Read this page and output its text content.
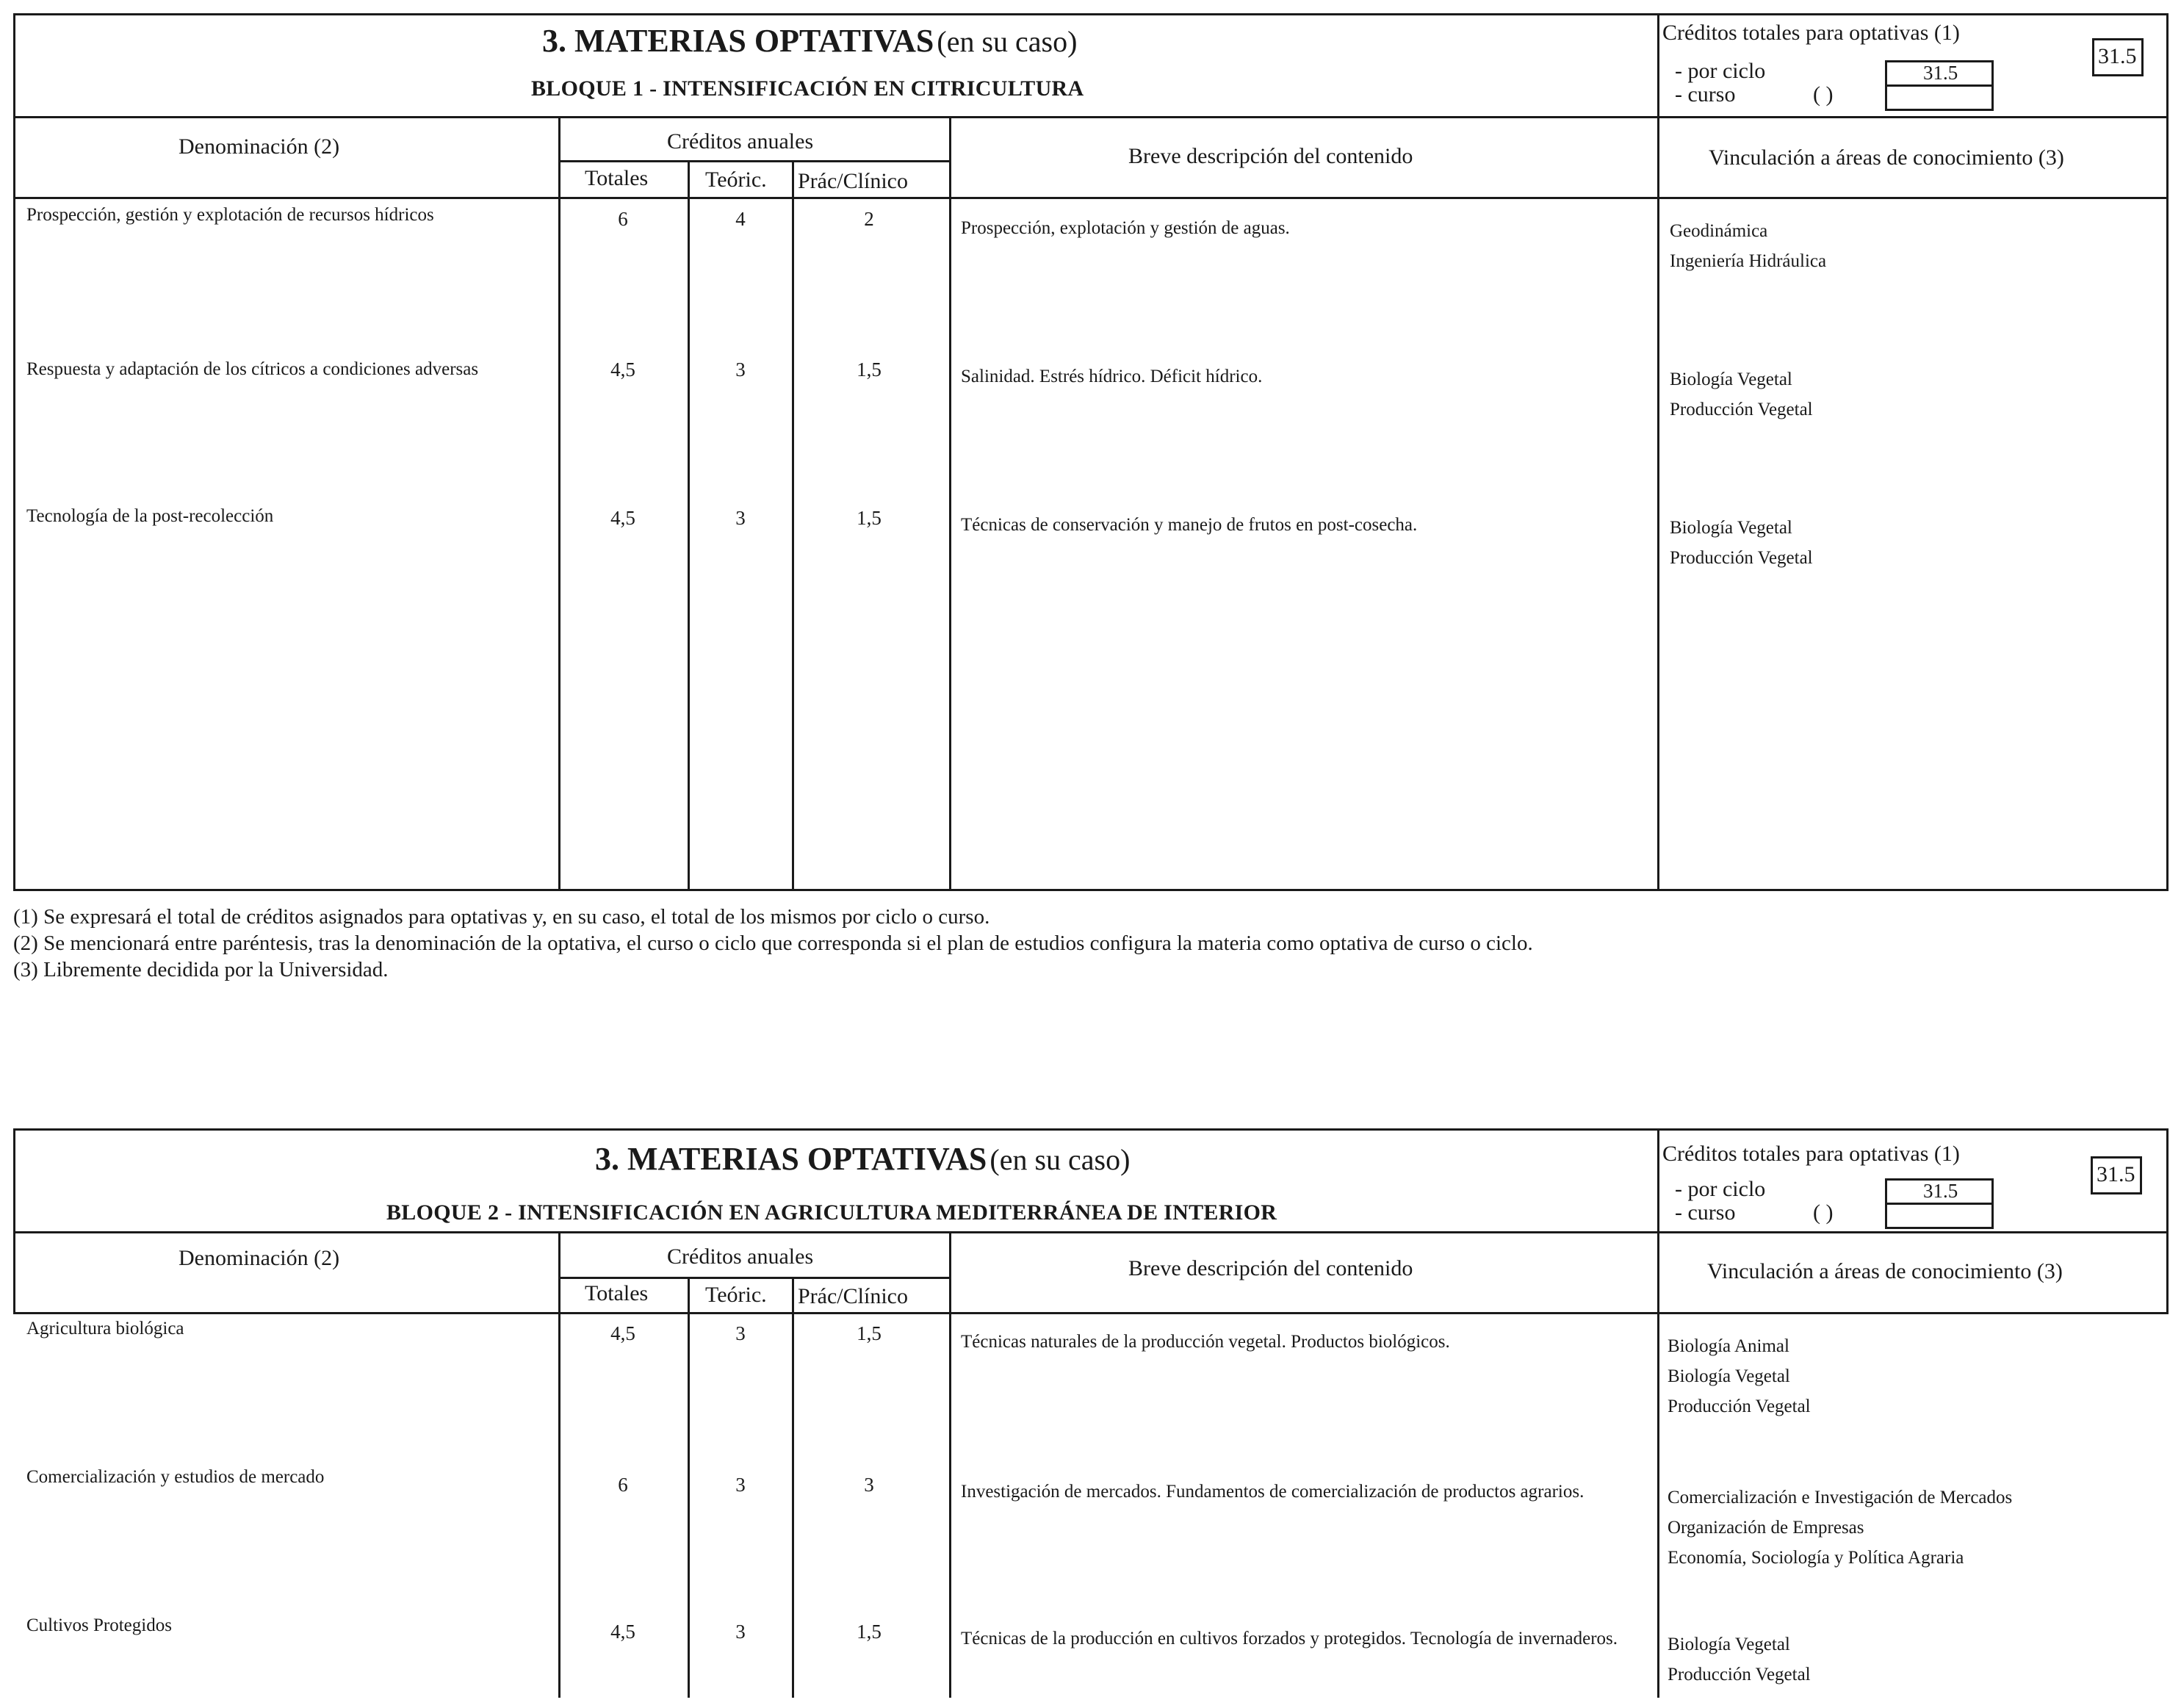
3. MATERIAS OPTATIVAS (en su caso)
BLOQUE 1 - INTENSIFICACIÓN EN CITRICULTURA
Créditos totales para optativas (1)
31.5
- por ciclo
- curso	( )
31.5
Denominación (2)	Créditos anuales
Totales	Teóric. Prác/Clínico
Breve descripción del contenido	Vinculación a áreas de conocimiento (3)
Prospección, gestión y explotación de recursos hídricos	6	4	2	Prospección, explotación y gestión de aguas.	Geodinámica
Ingeniería Hidráulica
Respuesta y adaptación de los cítricos a condiciones adversas	4,5	3	1,5	Salinidad. Estrés hídrico. Déficit hídrico.	Biología Vegetal
Producción Vegetal
Tecnología de la post-recolección	4,5	3	1,5	Técnicas de conservación y manejo de frutos en post-cosecha.	Biología Vegetal
Producción Vegetal
(1) Se expresará el total de créditos asignados para optativas y, en su caso, el total de los mismos por ciclo o curso.
(2) Se mencionará entre paréntesis, tras la denominación de la optativa, el curso o ciclo que corresponda si el plan de estudios configura la materia como optativa de curso o ciclo.
(3) Libremente decidida por la Universidad.
3. MATERIAS OPTATIVAS (en su caso)
BLOQUE 2 - INTENSIFICACIÓN EN AGRICULTURA MEDITERRÁNEA DE INTERIOR
Créditos totales para optativas (1)
31.5
- por ciclo
- curso	( )
31.5
Denominación (2)	Créditos anuales
Totales	Teóric. Prác/Clínico
Breve descripción del contenido	Vinculación a áreas de conocimiento (3)
Agricultura biológica	4,5	3	1,5	Técnicas naturales de la producción vegetal. Productos biológicos.	Biología Animal
Biología Vegetal
Producción Vegetal
Comercialización y estudios de mercado	6	3	3	Investigación de mercados. Fundamentos de comercialización de productos agrarios.	Comercialización e Investigación de Mercados
Organización de Empresas
Economía, Sociología y Política Agraria
Cultivos Protegidos	4,5	3	1,5	Técnicas de la producción en cultivos forzados y protegidos. Tecnología de invernaderos.	Biología Vegetal
Producción Vegetal
